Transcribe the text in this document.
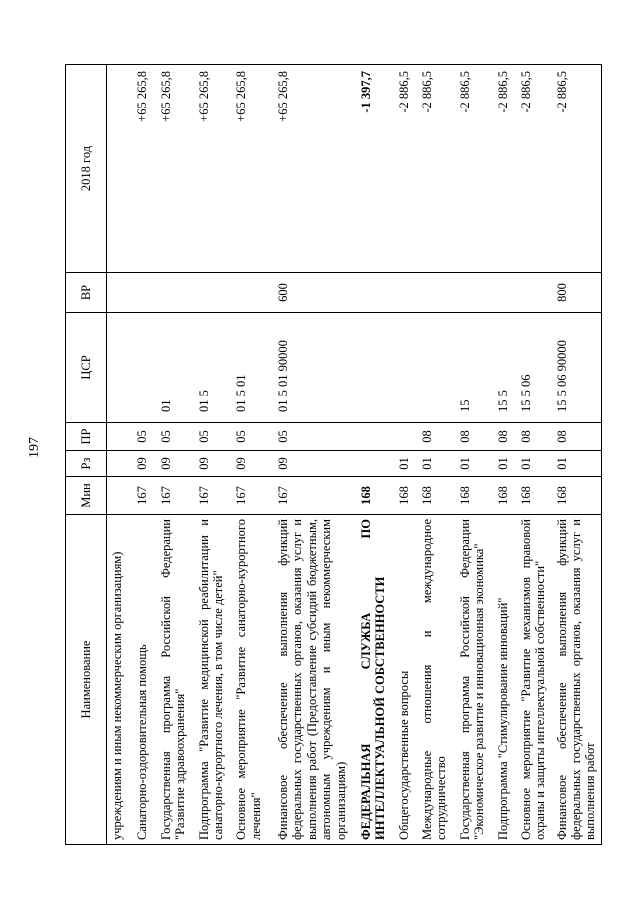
197
Наименование	Мин	Рз	ПР	ЦСР	ВР	2018 год
учреждениям и иным некоммерческим организациям)						
Санаторно-оздоровительная помощь	167	09	05			+65 265,8
Государственная программа Российской Федерации "Развитие здравоохранения"	167	09	05	01		+65 265,8
Подпрограмма "Развитие медицинской реабилитации и санаторно-курортного лечения, в том числе детей"	167	09	05	01 5		+65 265,8
Основное мероприятие "Развитие санаторно-курортного лечения"	167	09	05	01 5 01		+65 265,8
Финансовое обеспечение выполнения функций федеральных государственных органов, оказания услуг и выполнения работ (Предоставление субсидий бюджетным, автономным учреждениям и иным некоммерческим организациям)	167	09	05	01 5 01 90000	600	+65 265,8
ФЕДЕРАЛЬНАЯ СЛУЖБА ПО ИНТЕЛЛЕКТУАЛЬНОЙ СОБСТВЕННОСТИ	168					-1 397,7
Общегосударственные вопросы	168	01				-2 886,5
Международные отношения и международное сотрудничество	168	01	08			-2 886,5
Государственная программа Российской Федерации "Экономическое развитие и инновационная экономика"	168	01	08	15		-2 886,5
Подпрограмма "Стимулирование инноваций"	168	01	08	15 5		-2 886,5
Основное мероприятие "Развитие механизмов правовой охраны и защиты интеллектуальной собственности"	168	01	08	15 5 06		-2 886,5
Финансовое обеспечение выполнения функций федеральных государственных органов, оказания услуг и выполнения работ	168	01	08	15 5 06 90000	800	-2 886,5
